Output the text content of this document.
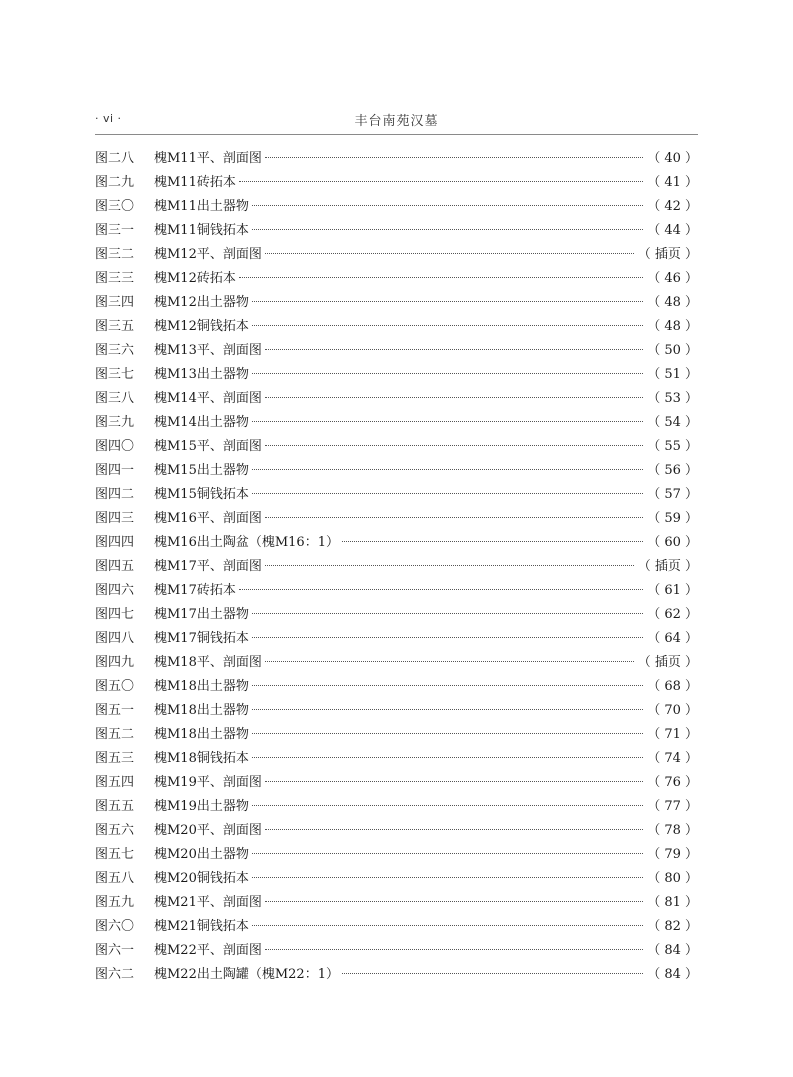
· vi ·	丰台南苑汉墓
图二八	槐M11平、剖面图	（ 40 ）
图二九	槐M11砖拓本	（ 41 ）
图三〇	槐M11出土器物	（ 42 ）
图三一	槐M11铜钱拓本	（ 44 ）
图三二	槐M12平、剖面图	（ 插页 ）
图三三	槐M12砖拓本	（ 46 ）
图三四	槐M12出土器物	（ 48 ）
图三五	槐M12铜钱拓本	（ 48 ）
图三六	槐M13平、剖面图	（ 50 ）
图三七	槐M13出土器物	（ 51 ）
图三八	槐M14平、剖面图	（ 53 ）
图三九	槐M14出土器物	（ 54 ）
图四〇	槐M15平、剖面图	（ 55 ）
图四一	槐M15出土器物	（ 56 ）
图四二	槐M15铜钱拓本	（ 57 ）
图四三	槐M16平、剖面图	（ 59 ）
图四四	槐M16出土陶盆（槐M16：1）	（ 60 ）
图四五	槐M17平、剖面图	（ 插页 ）
图四六	槐M17砖拓本	（ 61 ）
图四七	槐M17出土器物	（ 62 ）
图四八	槐M17铜钱拓本	（ 64 ）
图四九	槐M18平、剖面图	（ 插页 ）
图五〇	槐M18出土器物	（ 68 ）
图五一	槐M18出土器物	（ 70 ）
图五二	槐M18出土器物	（ 71 ）
图五三	槐M18铜钱拓本	（ 74 ）
图五四	槐M19平、剖面图	（ 76 ）
图五五	槐M19出土器物	（ 77 ）
图五六	槐M20平、剖面图	（ 78 ）
图五七	槐M20出土器物	（ 79 ）
图五八	槐M20铜钱拓本	（ 80 ）
图五九	槐M21平、剖面图	（ 81 ）
图六〇	槐M21铜钱拓本	（ 82 ）
图六一	槐M22平、剖面图	（ 84 ）
图六二	槐M22出土陶罐（槐M22：1）	（ 84 ）
